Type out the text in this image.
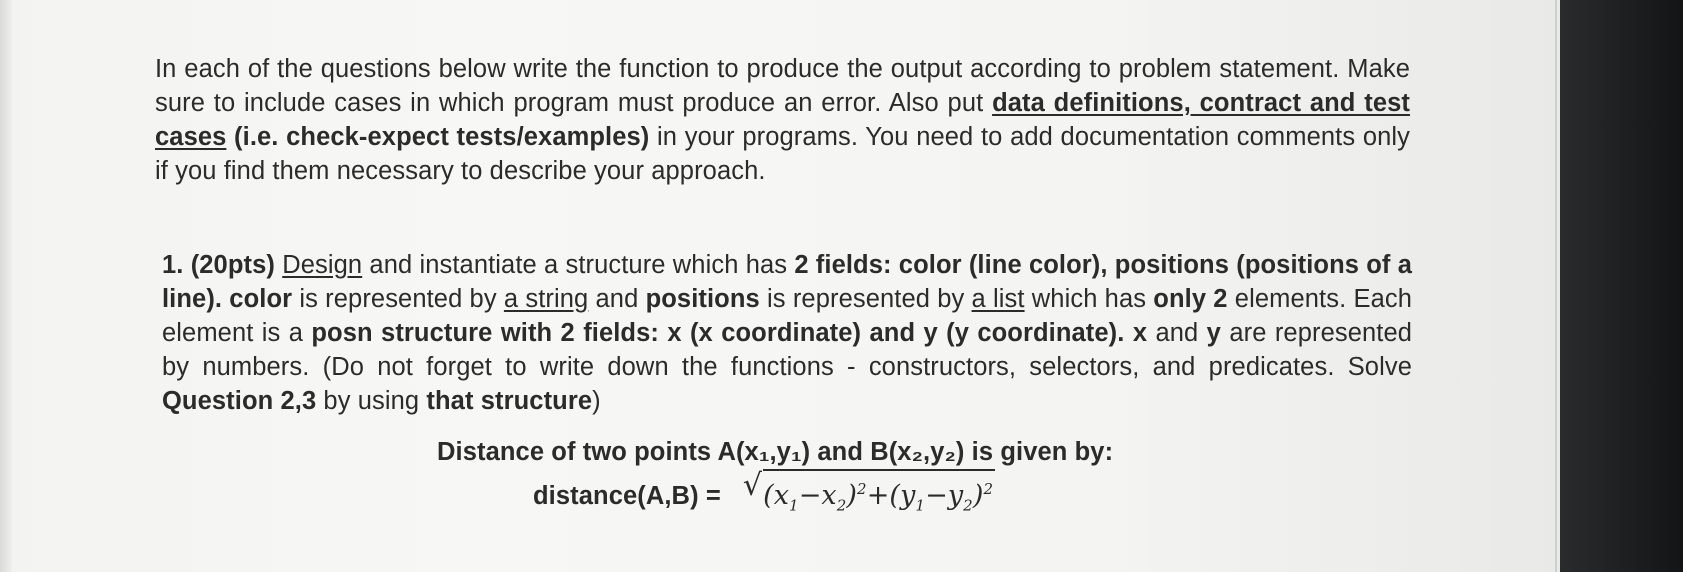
In each of the questions below write the function to produce the output according to problem statement. Make sure to include cases in which program must produce an error. Also put data definitions, contract and test cases (i.e. check-expect tests/examples) in your programs. You need to add documentation comments only if you find them necessary to describe your approach.

1. (20pts) Design and instantiate a structure which has 2 fields: color (line color), positions (positions of a line). color is represented by a string and positions is represented by a list which has only 2 elements. Each element is a posn structure with 2 fields: x (x coordinate) and y (y coordinate). x and y are represented by numbers. (Do not forget to write down the functions - constructors, selectors, and predicates. Solve Question 2,3 by using that structure)

Distance of two points A(x₁,y₁) and B(x₂,y₂) is given by:
distance(A,B) = √ $(x_1-x_2)^2+(y_1-y_2)^2$
